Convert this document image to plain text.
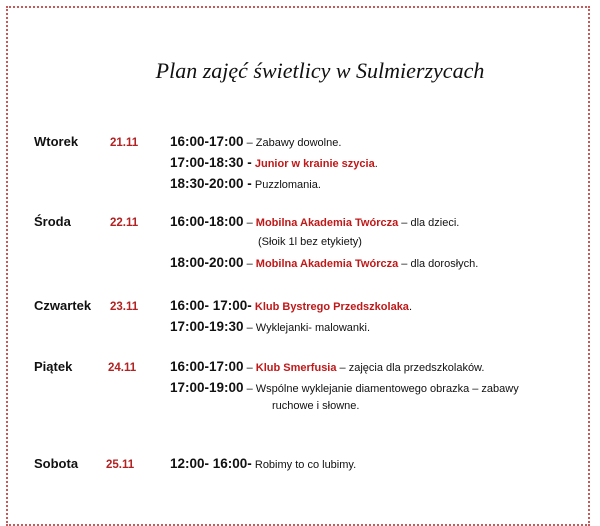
Plan zajęć świetlicy w Sulmierzycach
Wtorek	21.11 16:00-17:00 – Zabawy dowolne.
17:00-18:30 - Junior w krainie szycia.
18:30-20:00 - Puzzlomania.
Środa	22.11 16:00-18:00 – Mobilna Akademia Twórcza – dla dzieci.
(Słoik 1l bez etykiety)
18:00-20:00 – Mobilna Akademia Twórcza – dla dorosłych.
Czwartek 23.11 16:00- 17:00- Klub Bystrego Przedszkolaka.
17:00-19:30 – Wyklejanki- malowanki.
Piątek	24.11	16:00-17:00 – Klub Smerfusia – zajęcia dla przedszkolaków.
17:00-19:00 – Wspólne wyklejanie diamentowego obrazka – zabawy
ruchowe i słowne.
Sobota 25.11	12:00- 16:00- Robimy to co lubimy.
